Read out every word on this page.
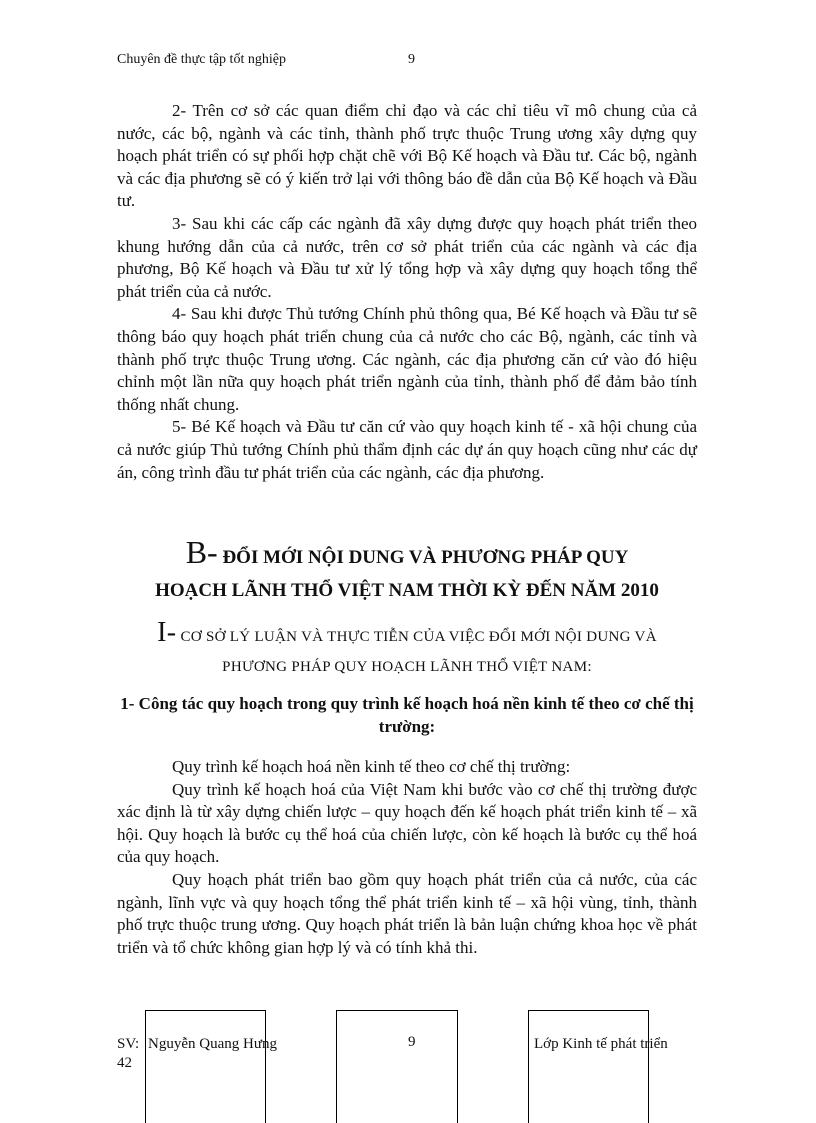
Chuyên đề thực tập tốt nghiệp	9

2- Trên cơ sở các quan điểm chỉ đạo và các chỉ tiêu vĩ mô chung của cả nước, các bộ, ngành và các tỉnh, thành phố trực thuộc Trung ương xây dựng quy hoạch phát triển có sự phối hợp chặt chẽ với Bộ Kế hoạch và Đầu tư. Các bộ, ngành và các địa phương sẽ có ý kiến trở lại với thông báo đề dẫn của Bộ Kế hoạch và Đầu tư.

3- Sau khi các cấp các ngành đã xây dựng được quy hoạch phát triển theo khung hướng dẫn của cả nước, trên cơ sở phát triển của các ngành và các địa phương, Bộ Kế hoạch và Đầu tư xử lý tổng hợp và xây dựng quy hoạch tổng thể phát triển của cả nước.

4- Sau khi được Thủ tướng Chính phủ thông qua, Bé Kế hoạch và Đầu tư sẽ thông báo quy hoạch phát triển chung của cả nước cho các Bộ, ngành, các tỉnh và thành phố trực thuộc Trung ương. Các ngành, các địa phương căn cứ vào đó hiệu chỉnh một lần nữa quy hoạch phát triển ngành của tỉnh, thành phố để đảm bảo tính thống nhất chung.

5- Bé Kế hoạch và Đầu tư căn cứ vào quy hoạch kinh tế - xã hội chung của cả nước giúp Thủ tướng Chính phủ thẩm định các dự án quy hoạch cũng như các dự án, công trình đầu tư phát triển của các ngành, các địa phương.

B- ĐỔI MỚI NỘI DUNG VÀ PHƯƠNG PHÁP QUY
HOẠCH LÃNH THỔ VIỆT NAM THỜI KỲ ĐẾN NĂM 2010
I- CƠ SỞ LÝ LUẬN VÀ THỰC TIỄN CỦA VIỆC ĐỔI MỚI NỘI DUNG VÀ
PHƯƠNG PHÁP QUY HOẠCH LÃNH THỔ VIỆT NAM:
1- Công tác quy hoạch trong quy trình kế hoạch hoá nền kinh tế theo cơ chế thị trường:

Quy trình kế hoạch hoá nền kinh tế theo cơ chế thị trường:

Quy trình kế hoạch hoá của Việt Nam khi bước vào cơ chế thị trường được xác định là từ xây dựng chiến lược – quy hoạch đến kế hoạch phát triển kinh tế – xã hội. Quy hoạch là bước cụ thể hoá của chiến lược, còn kế hoạch là bước cụ thể hoá của quy hoạch.

Quy hoạch phát triển bao gồm quy hoạch phát triển của cả nước, của các ngành, lĩnh vực và quy hoạch tổng thể phát triển kinh tế – xã hội vùng, tỉnh, thành phố trực thuộc trung ương. Quy hoạch phát triển là bản luận chứng khoa học về phát triển và tổ chức không gian hợp lý và có tính khả thi.

SV: Nguyễn Quang Hưng	9	Lớp Kinh tế phát triển
42
